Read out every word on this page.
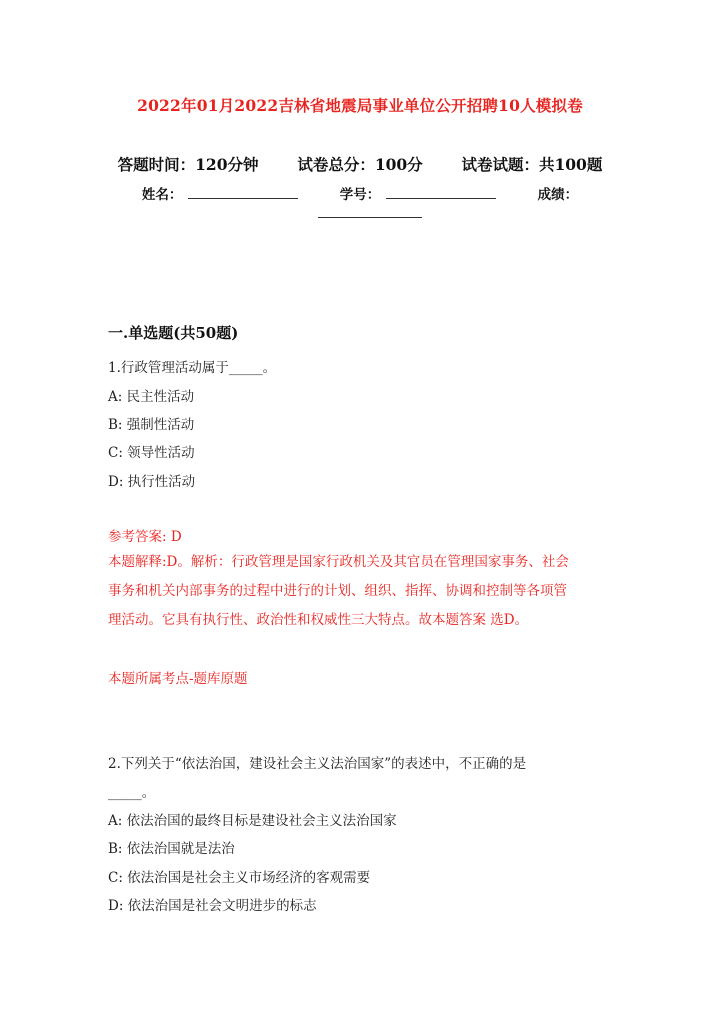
2022年01月2022吉林省地震局事业单位公开招聘10人模拟卷
答题时间：120分钟	试卷总分：100分	试卷试题：共100题
姓名：	学号：	成绩：
一.单选题(共50题)
1.行政管理活动属于_____。
A: 民主性活动
B: 强制性活动
C: 领导性活动
D: 执行性活动
参考答案: D
本题解释:D。解析：行政管理是国家行政机关及其官员在管理国家事务、社会
事务和机关内部事务的过程中进行的计划、组织、指挥、协调和控制等各项管
理活动。它具有执行性、政治性和权威性三大特点。故本题答案 选D。
本题所属考点-题库原题
2.下列关于“依法治国，建设社会主义法治国家”的表述中，不正确的是
_____。
A: 依法治国的最终目标是建设社会主义法治国家
B: 依法治国就是法治
C: 依法治国是社会主义市场经济的客观需要
D: 依法治国是社会文明进步的标志
